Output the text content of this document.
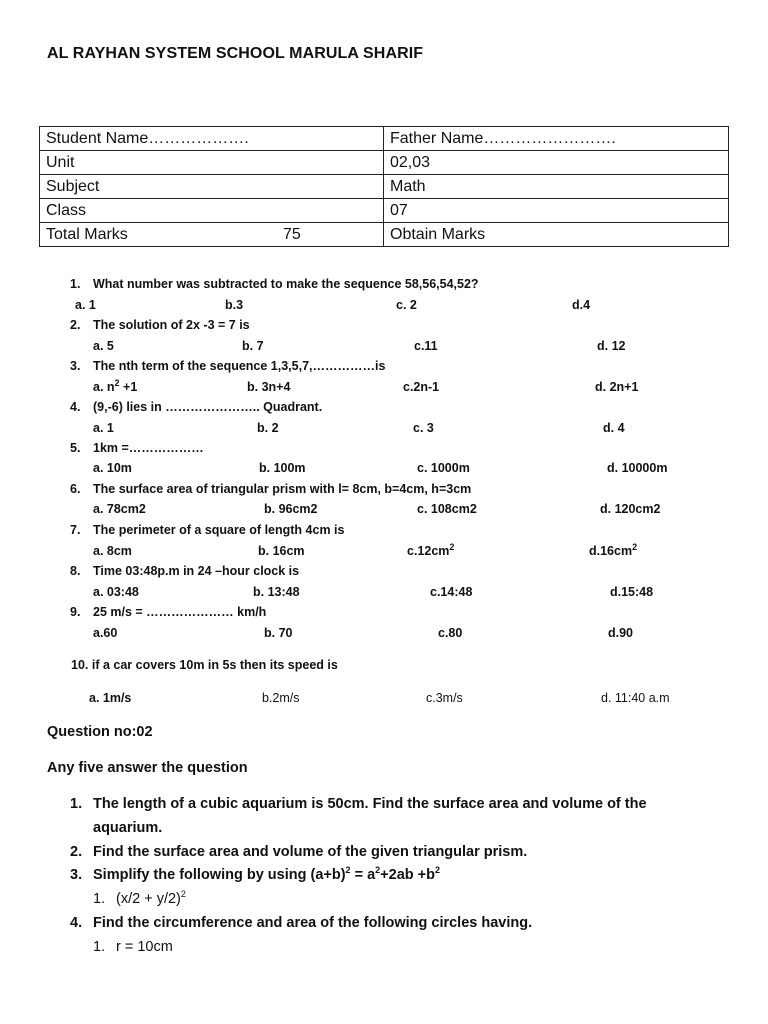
AL RAYHAN SYSTEM SCHOOL MARULA SHARIF
Student Name……………….	Father Name…………………….
Unit	02,03
Subject	Math
Class	07
Total Marks 75	Obtain Marks
1. What number was subtracted to make the sequence 58,56,54,52?
a. 1	b.3	c. 2	d.4
2. The solution of 2x -3 = 7 is
a. 5	b. 7	c.11	d. 12
3. The nth term of the sequence 1,3,5,7,……………is
a. $n^2 +1$	b. 3n+4	c.2n-1	d. 2n+1
4. (9,-6) lies in ………………….. Quadrant.
a. 1	b. 2	c. 3	d. 4
5. 1km =………………
a. 10m	b. 100m	c. 1000m	d. 10000m
6. The surface area of triangular prism with l= 8cm, b=4cm, h=3cm
a. 78cm2	b. 96cm2	c. 108cm2	d. 120cm2
7. The perimeter of a square of length 4cm is
a. 8cm	b. 16cm	$c.12cm^2$	$d.16cm^2$
8. Time 03:48p.m in 24 –hour clock is
a. 03:48	b. 13:48	c.14:48	d.15:48
9. 25 m/s = ………………… km/h
a.60	b. 70	c.80	d.90
10. if a car covers 10m in 5s then its speed is
a. 1m/s	b.2m/s	c.3m/s	d. 11:40 a.m
Question no:02
Any five answer the question
1. The length of a cubic aquarium is 50cm. Find the surface area and volume of the
aquarium.
2. Find the surface area and volume of the given triangular prism.
3. Simplify the following by using $(a+b)^2 = a^2+2ab +b^2$
1. $(x/2 + y/2)^2$
4. Find the circumference and area of the following circles having.
1. r = 10cm
